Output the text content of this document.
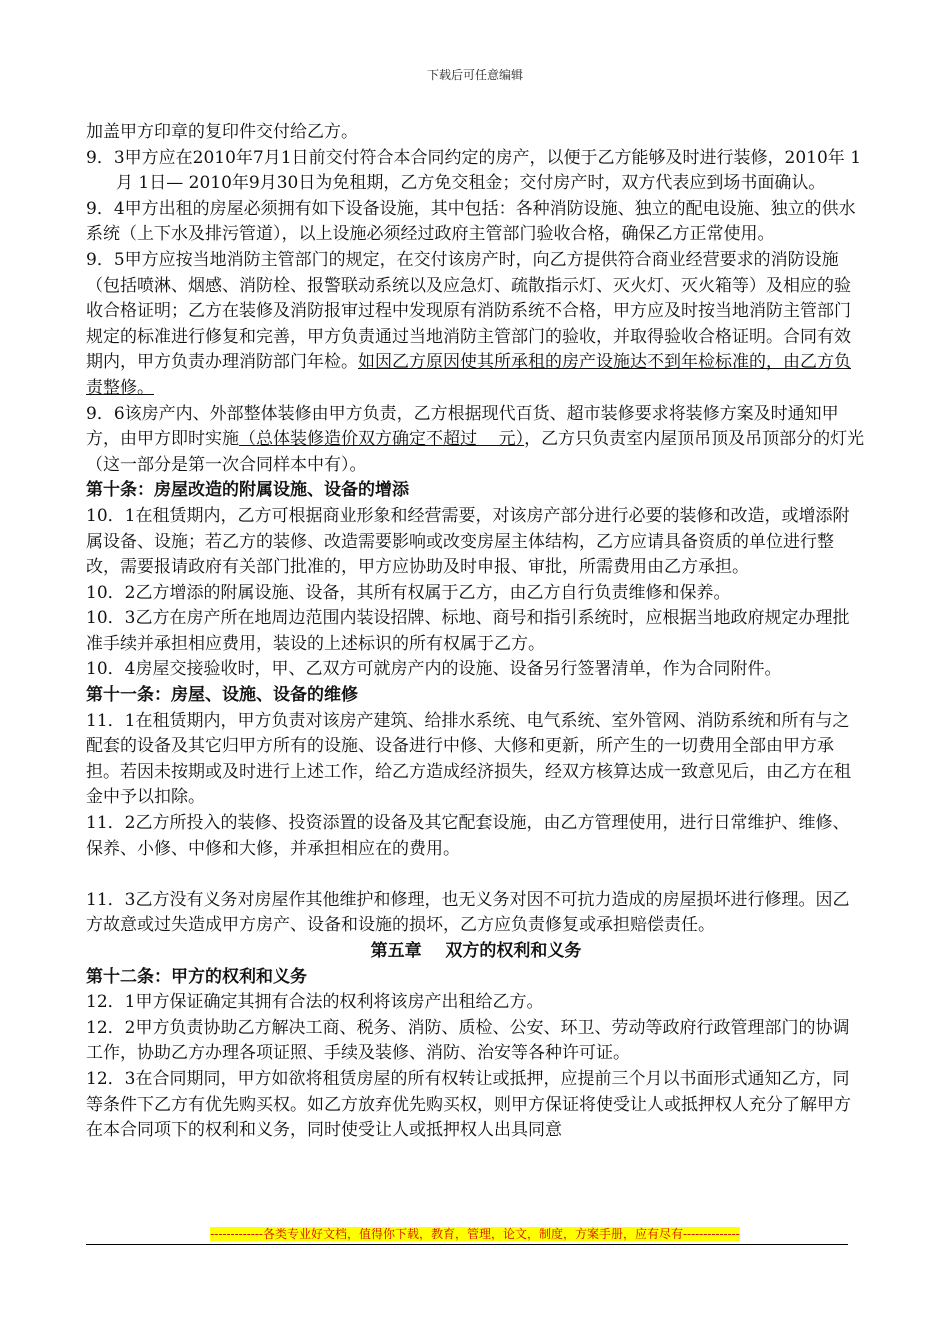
下载后可任意编辑

加盖甲方印章的复印件交付给乙方。

9．3甲方应在2010年7月1日前交付符合本合同约定的房产，以便于乙方能够及时进行装修，2010年 1月 1日— 2010年9月30日为免租期，乙方免交租金；交付房产时，双方代表应到场书面确认。

9．4甲方出租的房屋必须拥有如下设备设施，其中包括：各种消防设施、独立的配电设施、独立的供水系统（上下水及排污管道），以上设施必须经过政府主管部门验收合格，确保乙方正常使用。

9．5甲方应按当地消防主管部门的规定，在交付该房产时，向乙方提供符合商业经营要求的消防设施（包括喷淋、烟感、消防栓、报警联动系统以及应急灯、疏散指示灯、灭火灯、灭火箱等）及相应的验收合格证明；乙方在装修及消防报审过程中发现原有消防系统不合格，甲方应及时按当地消防主管部门规定的标准进行修复和完善，甲方负责通过当地消防主管部门的验收，并取得验收合格证明。合同有效期内，甲方负责办理消防部门年检。如因乙方原因使其所承租的房产设施达不到年检标准的，由乙方负责整修。

9．6该房产内、外部整体装修由甲方负责，乙方根据现代百货、超市装修要求将装修方案及时通知甲方，由甲方即时实施（总体装修造价双方确定不超过    元），乙方只负责室内屋顶吊顶及吊顶部分的灯光（这一部分是第一次合同样本中有）。

第十条：房屋改造的附属设施、设备的增添

10．1在租赁期内，乙方可根据商业形象和经营需要，对该房产部分进行必要的装修和改造，或增添附属设备、设施；若乙方的装修、改造需要影响或改变房屋主体结构，乙方应请具备资质的单位进行整改，需要报请政府有关部门批准的，甲方应协助及时申报、审批，所需费用由乙方承担。

10．2乙方增添的附属设施、设备，其所有权属于乙方，由乙方自行负责维修和保养。

10．3乙方在房产所在地周边范围内装设招牌、标地、商号和指引系统时，应根据当地政府规定办理批准手续并承担相应费用，装设的上述标识的所有权属于乙方。

10．4房屋交接验收时，甲、乙双方可就房产内的设施、设备另行签署清单，作为合同附件。

第十一条：房屋、设施、设备的维修

11．1在租赁期内，甲方负责对该房产建筑、给排水系统、电气系统、室外管网、消防系统和所有与之配套的设备及其它归甲方所有的设施、设备进行中修、大修和更新，所产生的一切费用全部由甲方承担。若因未按期或及时进行上述工作，给乙方造成经济损失，经双方核算达成一致意见后，由乙方在租金中予以扣除。

11．2乙方所投入的装修、投资添置的设备及其它配套设施，由乙方管理使用，进行日常维护、维修、保养、小修、中修和大修，并承担相应在的费用。

11．3乙方没有义务对房屋作其他维护和修理，也无义务对因不可抗力造成的房屋损坏进行修理。因乙方故意或过失造成甲方房产、设备和设施的损坏，乙方应负责修复或承担赔偿责任。

第五章    双方的权利和义务

第十二条：甲方的权利和义务

12．1甲方保证确定其拥有合法的权利将该房产出租给乙方。

12．2甲方负责协助乙方解决工商、税务、消防、质检、公安、环卫、劳动等政府行政管理部门的协调工作，协助乙方办理各项证照、手续及装修、消防、治安等各种许可证。

12．3在合同期同，甲方如欲将租赁房屋的所有权转让或抵押，应提前三个月以书面形式通知乙方，同等条件下乙方有优先购买权。如乙方放弃优先购买权，则甲方保证将使受让人或抵押权人充分了解甲方在本合同项下的权利和义务，同时使受让人或抵押权人出具同意

-------------各类专业好文档，值得你下载，教育，管理，论文，制度，方案手册，应有尽有--------------
